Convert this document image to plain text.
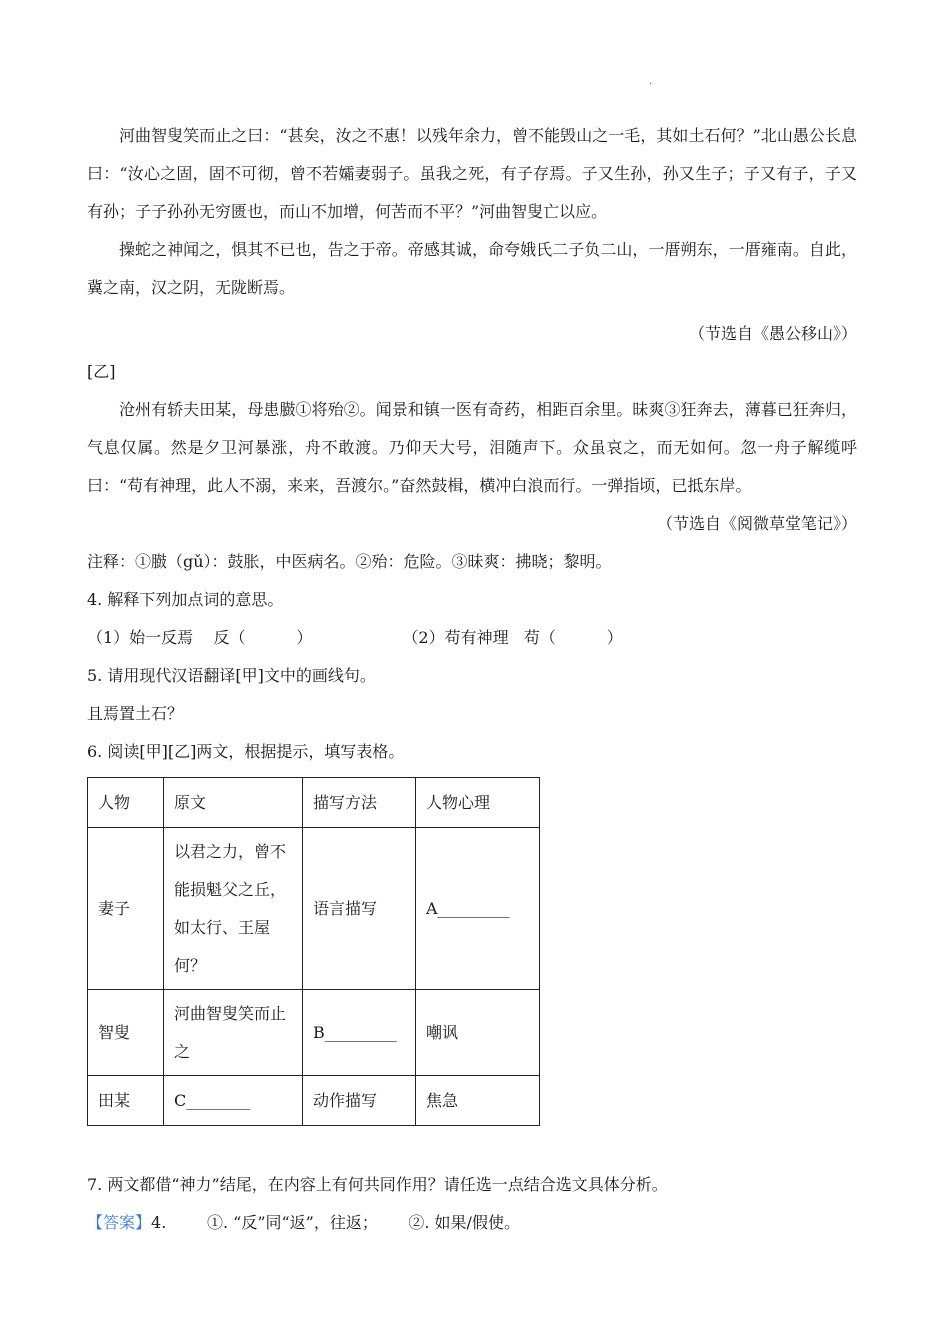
.

河曲智叟笑而止之曰：“甚矣，汝之不惠！以残年余力，曾不能毁山之一毛，其如土石何？”北山愚公长息曰：“汝心之固，固不可彻，曾不若孀妻弱子。虽我之死，有子存焉。子又生孙，孙又生子；子又有子，子又有孙；子子孙孙无穷匮也，而山不加增，何苦而不平？”河曲智叟亡以应。

操蛇之神闻之，惧其不已也，告之于帝。帝感其诚，命夸娥氏二子负二山，一厝朔东，一厝雍南。自此，冀之南，汉之阴，无陇断焉。

（节选自《愚公移山》）

[乙]

沧州有轿夫田某，母患臌①将殆②。闻景和镇一医有奇药，相距百余里。昧爽③狂奔去，薄暮已狂奔归，气息仅属。然是夕卫河暴涨，舟不敢渡。乃仰天大号，泪随声下。众虽哀之，而无如何。忽一舟子解缆呼曰：“苟有神理，此人不溺，来来，吾渡尔。”奋然鼓楫，横冲白浪而行。一弹指顷，已抵东岸。

（节选自《阅微草堂笔记》）

注释：①臌（gǔ）：鼓胀，中医病名。②殆：危险。③昧爽：拂晓；黎明。

4. 解释下列加点词的意思。

（1）始一反焉    反（          ）	（2）苟有神理   苟（          ）

5. 请用现代汉语翻译[甲]文中的画线句。

且焉置土石？

6. 阅读[甲][乙]两文，根据提示，填写表格。

人物	原文	描写方法	人物心理
妻子	以君之力，曾不能损魁父之丘，如太行、王屋何？	语言描写	A_________
智叟	河曲智叟笑而止之	B_________	嘲讽
田某	C________	动作描写	焦急

7. 两文都借“神力”结尾，在内容上有何共同作用？请任选一点结合选文具体分析。

【答案】4.        ①. “反”同“返”，往返；      ②. 如果/假使。
